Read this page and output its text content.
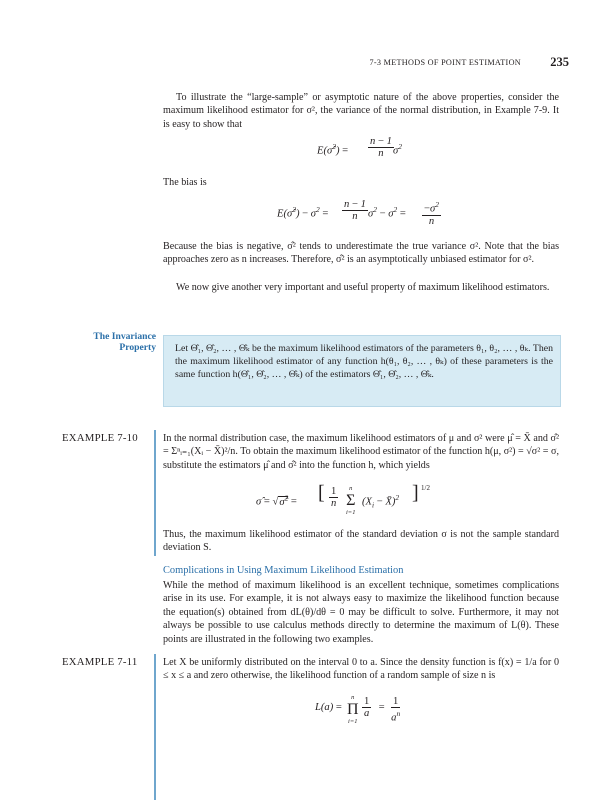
7-3 METHODS OF POINT ESTIMATION 235
To illustrate the “large-sample” or asymptotic nature of the above properties, consider the maximum likelihood estimator for σ², the variance of the normal distribution, in Example 7-9. It is easy to show that
E(σ̂$^2$) = $\frac{n - 1}{n} \sigma^2$
The bias is
E(σ̂$^2$) − $\sigma^2 = \frac{n - 1}{n} \sigma^2 - \sigma^2 = \frac{-\sigma^2}{n}$
Because the bias is negative, σ̂² tends to underestimate the true variance σ². Note that the bias approaches zero as n increases. Therefore, σ̂² is an asymptotically unbiased estimator for σ².
We now give another very important and useful property of maximum likelihood estimators.
The Invariance
Property Let Θ̂₁, Θ̂₂, … , Θ̂ₖ be the maximum likelihood estimators of the parameters θ₁, θ₂, … , θₖ. Then the maximum likelihood estimator of any function h(θ₁, θ₂, … , θₖ) of these parameters is the same function h(Θ̂₁, Θ̂₂, … , Θ̂ₖ) of the estimators Θ̂₁, Θ̂₂, … , Θ̂ₖ.
EXAMPLE 7-10 In the normal distribution case, the maximum likelihood estimators of μ and σ² were μ̂ = X̄ and σ̂² = Σⁿᵢ₌₁(Xᵢ − X̄)²/n. To obtain the maximum likelihood estimator of the function h(μ, σ²) = √σ² = σ, substitute the estimators μ̂ and σ̂² into the function h, which yields
σ̂ = √σ̂$^2$ = [ $\frac{1}{n}$	n
Σ
i=1
($X_i$ − X̄)$^2$ ] 1/2
Thus, the maximum likelihood estimator of the standard deviation σ is not the sample standard deviation S.
Complications in Using Maximum Likelihood Estimation
While the method of maximum likelihood is an excellent technique, sometimes complications arise in its use. For example, it is not always easy to maximize the likelihood function because the equation(s) obtained from dL(θ)/dθ = 0 may be difficult to solve. Furthermore, it may not always be possible to use calculus methods directly to determine the maximum of L(θ). These points are illustrated in the following two examples.
EXAMPLE 7-11	Let X be uniformly distributed on the interval 0 to a. Since the density function is f(x) = 1/a for 0 ≤ x ≤ a and zero otherwise, the likelihood function of a random sample of size n is
L(a) =
n
Π
i=1
$\frac{1}{a} = \frac{1}{a^n}$
